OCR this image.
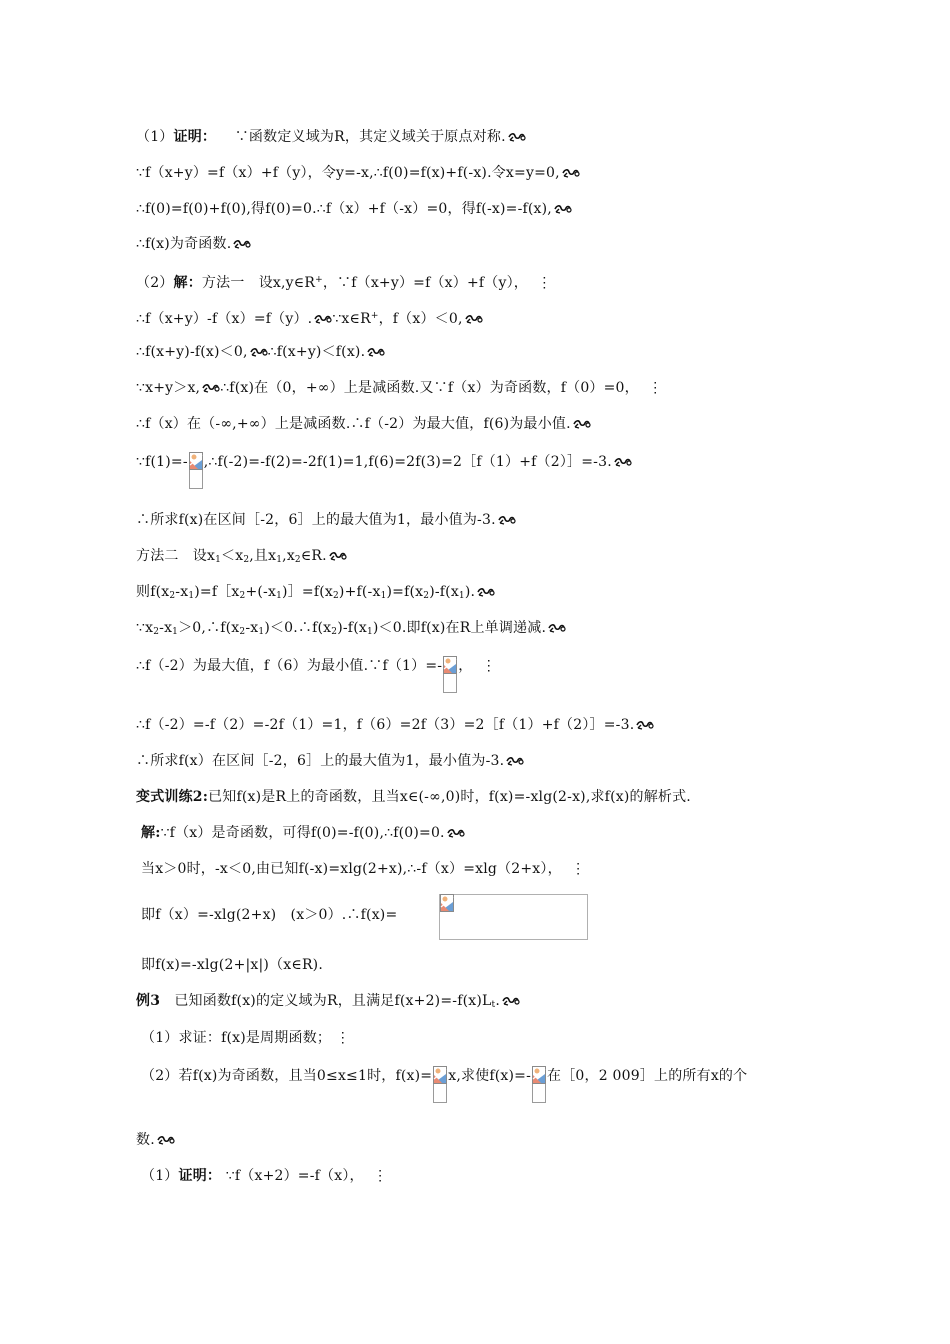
（1）证明： ∵函数定义域为R，其定义域关于原点对称.
∵f（x+y）=f（x）+f（y），令y=-x,∴f(0)=f(x)+f(-x).令x=y=0,
∴f(0)=f(0)+f(0),得f(0)=0.∴f（x）+f（-x）=0，得f(-x)=-f(x),
∴f(x)为奇函数.
（2）解：方法一　设x,y∈R+，∵f（x+y）=f（x）+f（y）， ⋮
∴f（x+y）-f（x）=f（y）. ∵x∈R+，f（x）＜0,
∴f(x+y)-f(x)＜0, ∴f(x+y)＜f(x).
∵x+y＞x, ∴f(x)在（0，+∞）上是减函数.又∵f（x）为奇函数，f（0）=0， ⋮
∴f（x）在（-∞,+∞）上是减函数.∴f（-2）为最大值，f(6)为最小值.
∵f(1)=- ,∴f(-2)=-f(2)=-2f(1)=1,f(6)=2f(3)=2［f（1）+f（2）］=-3.
∴所求f(x)在区间［-2，6］上的最大值为1，最小值为-3.
方法二　设$x_1<x_2$,且$x_1,x_2\in R$.
则$f(x_2-x_1)=f[x_2+(-x_1)]=f(x_2)+f(-x_1)=f(x_2)-f(x_1)$.
$\because x_2-x_1>0,\therefore f(x_2-x_1)<0.\therefore f(x_2)-f(x_1)<0$.即f(x)在R上单调递减.
∴f（-2）为最大值，f（6）为最小值.∵f（1）=- ， ⋮
∴f（-2）=-f（2）=-2f（1）=1，f（6）=2f（3）=2［f（1）+f（2）］=-3.
∴所求f(x）在区间［-2，6］上的最大值为1，最小值为-3.
变式训练2:已知f(x)是R上的奇函数，且当x∈(-∞,0)时，f(x)=-xlg(2-x),求f(x)的解析式.
解:∵f（x）是奇函数，可得f(0)=-f(0),∴f(0)=0.
当x＞0时，-x＜0,由已知f(-x)=xlg(2+x),∴-f（x）=xlg（2+x）， ⋮
即f（x）=-xlg(2+x)　(x＞0）.∴f(x)=
即f(x)=-xlg(2+|x|)（x∈R).
例3　已知函数f(x)的定义域为R，且满足$f(x+2)=-f(x)L_t$.
（1）求证：f(x)是周期函数； ⋮
（2）若f(x)为奇函数，且当0≤x≤1时，f(x)= x,求使f(x)=- 在［0，2 009］上的所有x的个
数.
（1）证明： ∵f（x+2）=-f（x）， ⋮
